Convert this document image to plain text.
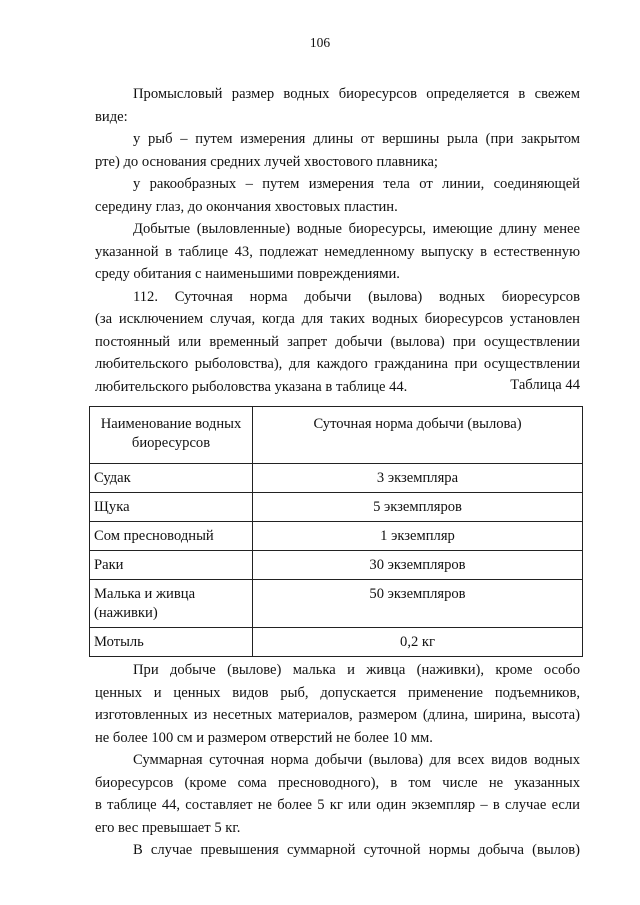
106
Промысловый размер водных биоресурсов определяется в свежем
виде:
у рыб – путем измерения длины от вершины рыла (при закрытом
рте) до основания средних лучей хвостового плавника;
у ракообразных – путем измерения тела от линии, соединяющей
середину глаз, до окончания хвостовых пластин.
Добытые (выловленные) водные биоресурсы, имеющие длину менее
указанной в таблице 43, подлежат немедленному выпуску в естественную
среду обитания с наименьшими повреждениями.
112. Суточная норма добычи (вылова) водных биоресурсов
(за исключением случая, когда для таких водных биоресурсов установлен
постоянный или временный запрет добычи (вылова) при осуществлении
любительского рыболовства), для каждого гражданина при осуществлении
любительского рыболовства указана в таблице 44.	Таблица 44
Наименование водных биоресурсов	Суточная норма добычи (вылова)
Судак	3 экземпляра
Щука	5 экземпляров
Сом пресноводный	1 экземпляр
Раки	30 экземпляров
Малька и живца (наживки)	50 экземпляров
Мотыль	0,2 кг
При добыче (вылове) малька и живца (наживки), кроме особо
ценных и ценных видов рыб, допускается применение подъемников,
изготовленных из несетных материалов, размером (длина, ширина, высота)
не более 100 см и размером отверстий не более 10 мм.
Суммарная суточная норма добычи (вылова) для всех видов водных
биоресурсов (кроме сома пресноводного), в том числе не указанных
в таблице 44, составляет не более 5 кг или один экземпляр – в случае если
его вес превышает 5 кг.
В случае превышения суммарной суточной нормы добыча (вылов)
